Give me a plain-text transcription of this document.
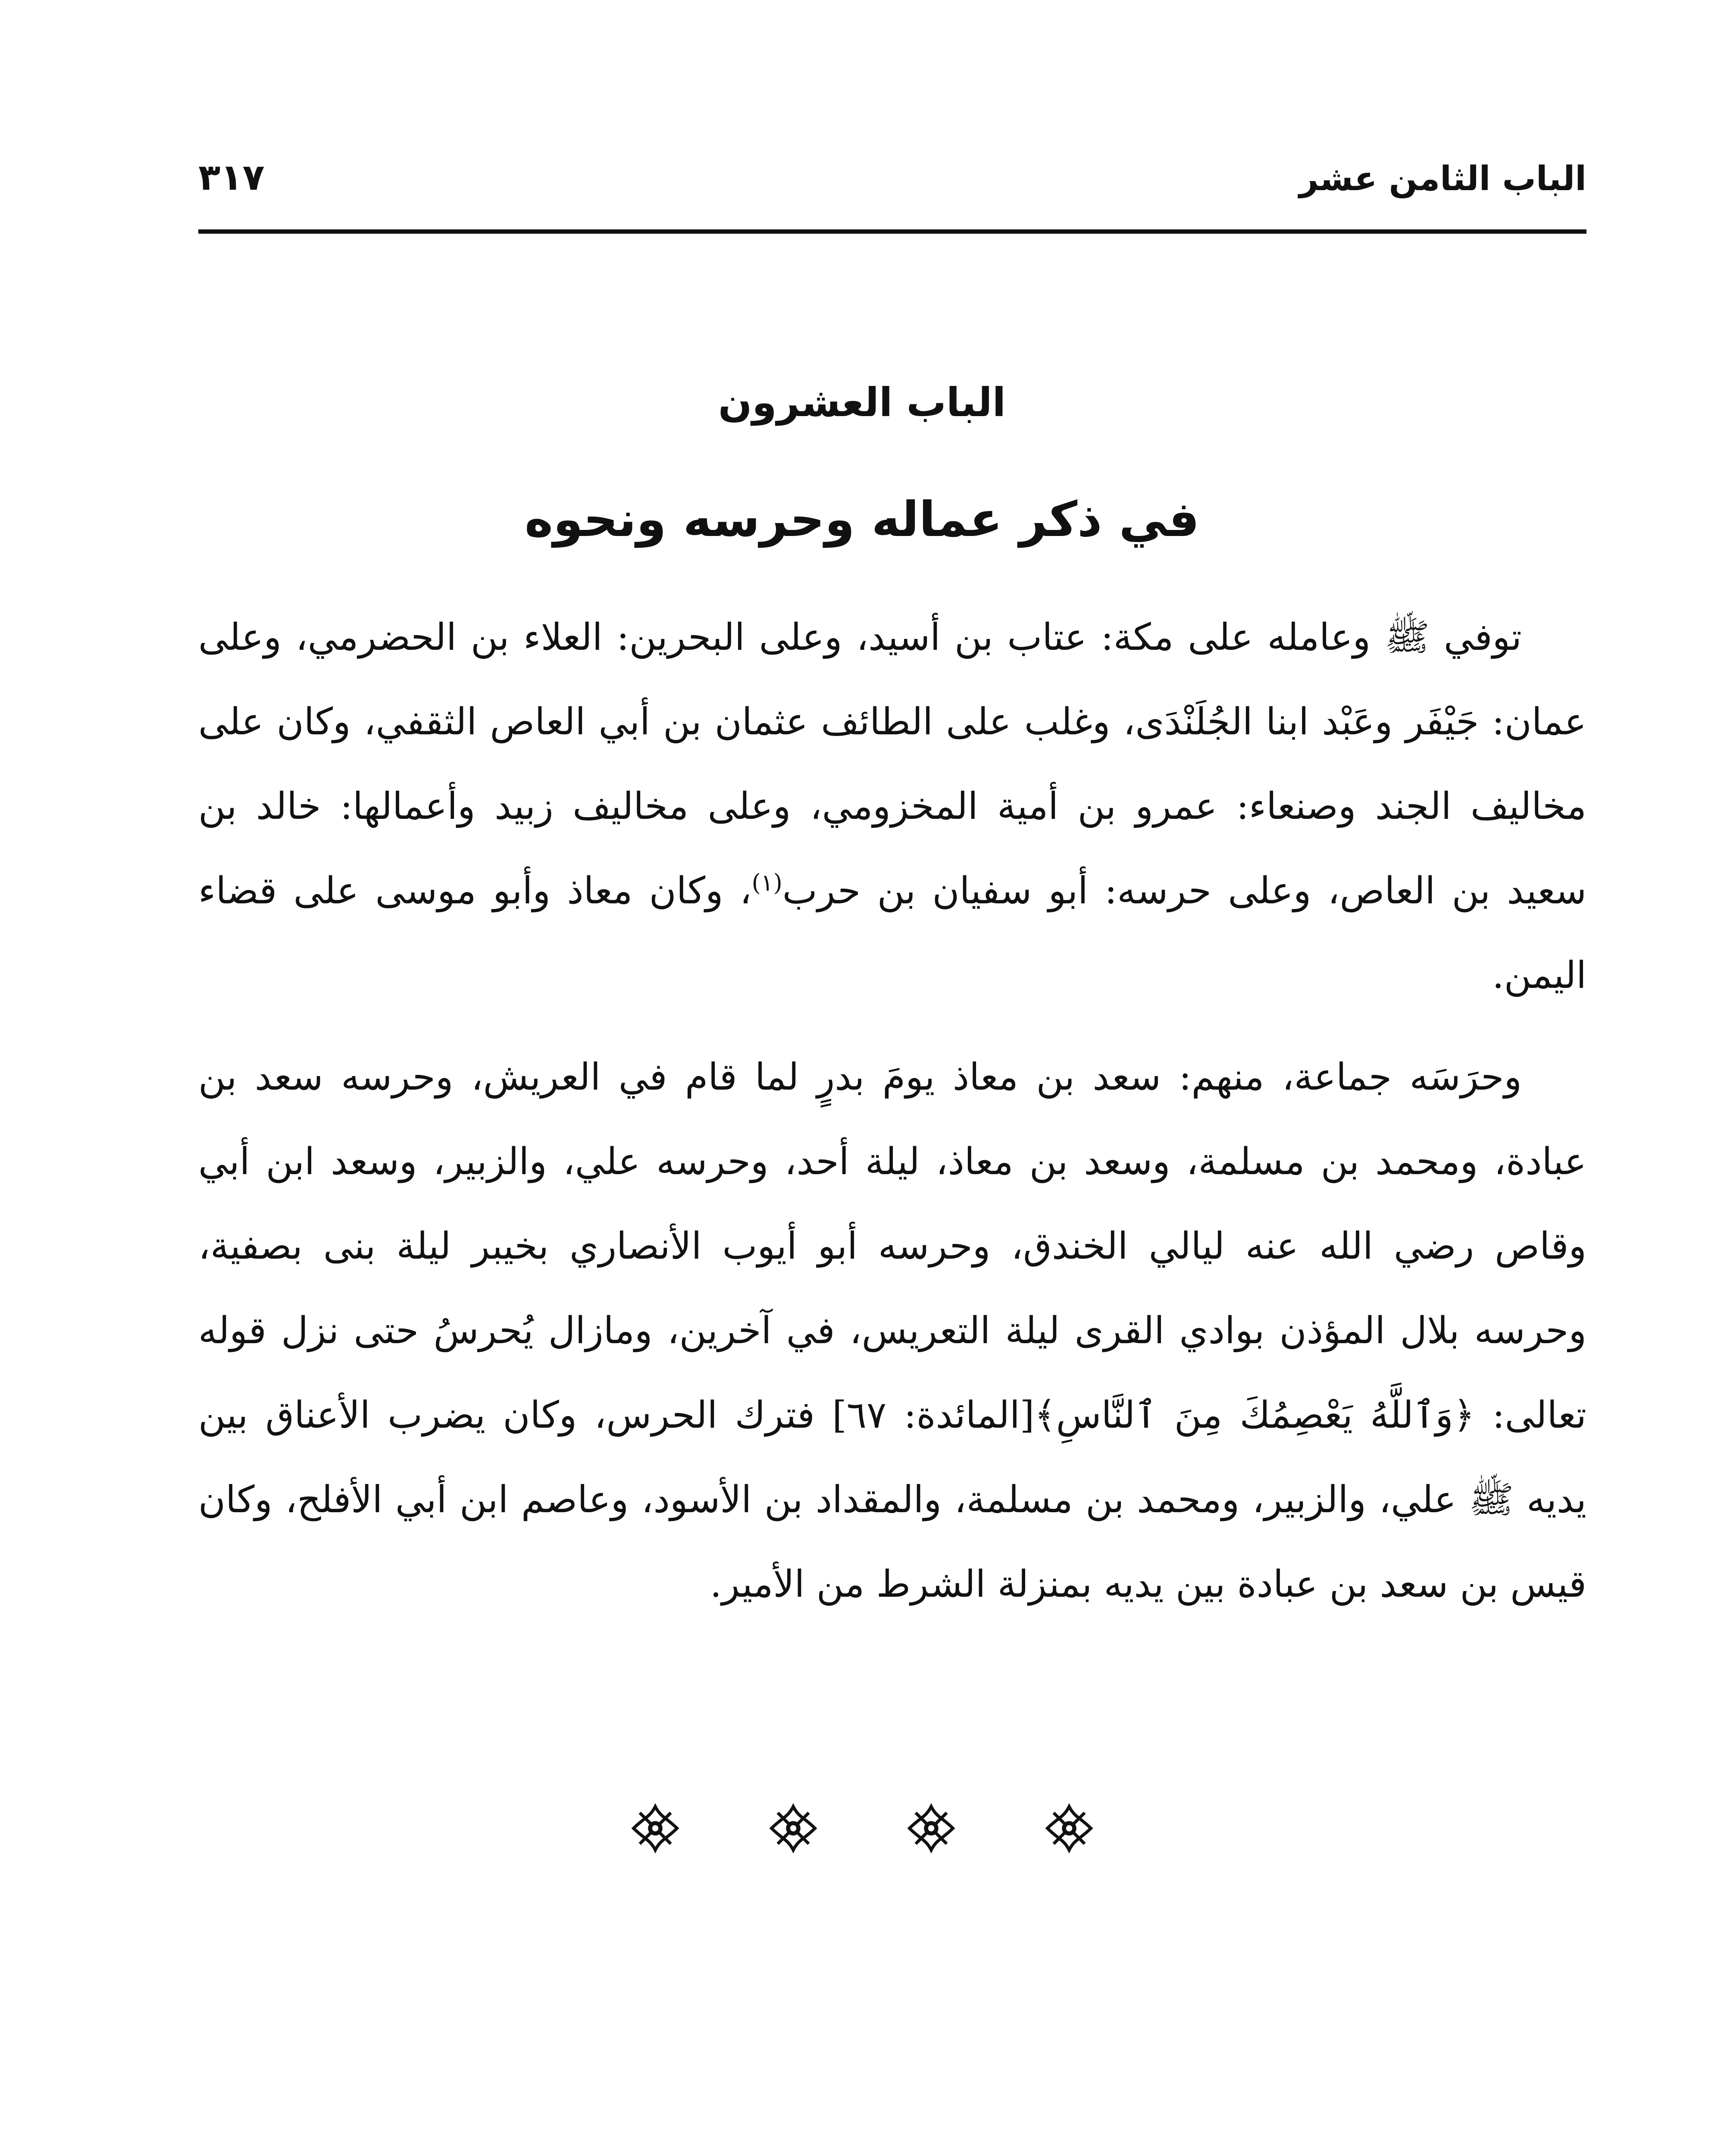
الباب الثامن عشر
٣١٧
الباب العشرون
في ذكر عماله وحرسه ونحوه

توفي ﷺ وعامله على مكة: عتاب بن أسيد، وعلى البحرين: العلاء بن الحضرمي، وعلى عمان: جَيْفَر وعَبْد ابنا الجُلَنْدَى، وغلب على الطائف عثمان بن أبي العاص الثقفي، وكان على مخاليف الجند وصنعاء: عمرو بن أمية المخزومي، وعلى مخاليف زبيد وأعمالها: خالد بن سعيد بن العاص، وعلى حرسه: أبو سفيان بن حرب$^{(١)}$، وكان معاذ وأبو موسى على قضاء اليمن.

وحرَسَه جماعة، منهم: سعد بن معاذ يومَ بدرٍ لما قام في العريش، وحرسه سعد بن عبادة، ومحمد بن مسلمة، وسعد بن معاذ، ليلة أحد، وحرسه علي، والزبير، وسعد ابن أبي وقاص رضي الله عنه ليالي الخندق، وحرسه أبو أيوب الأنصاري بخيبر ليلة بنى بصفية، وحرسه بلال المؤذن بوادي القرى ليلة التعريس، في آخرين، ومازال يُحرسُ حتى نزل قوله تعالى: ﴿وَٱللَّهُ يَعْصِمُكَ مِنَ ٱلنَّاسِ﴾[المائدة: ٦٧] فترك الحرس، وكان يضرب الأعناق بين يديه ﷺ علي، والزبير، ومحمد بن مسلمة، والمقداد بن الأسود، وعاصم ابن أبي الأفلح، وكان قيس بن سعد بن عبادة بين يديه بمنزلة الشرط من الأمير.
